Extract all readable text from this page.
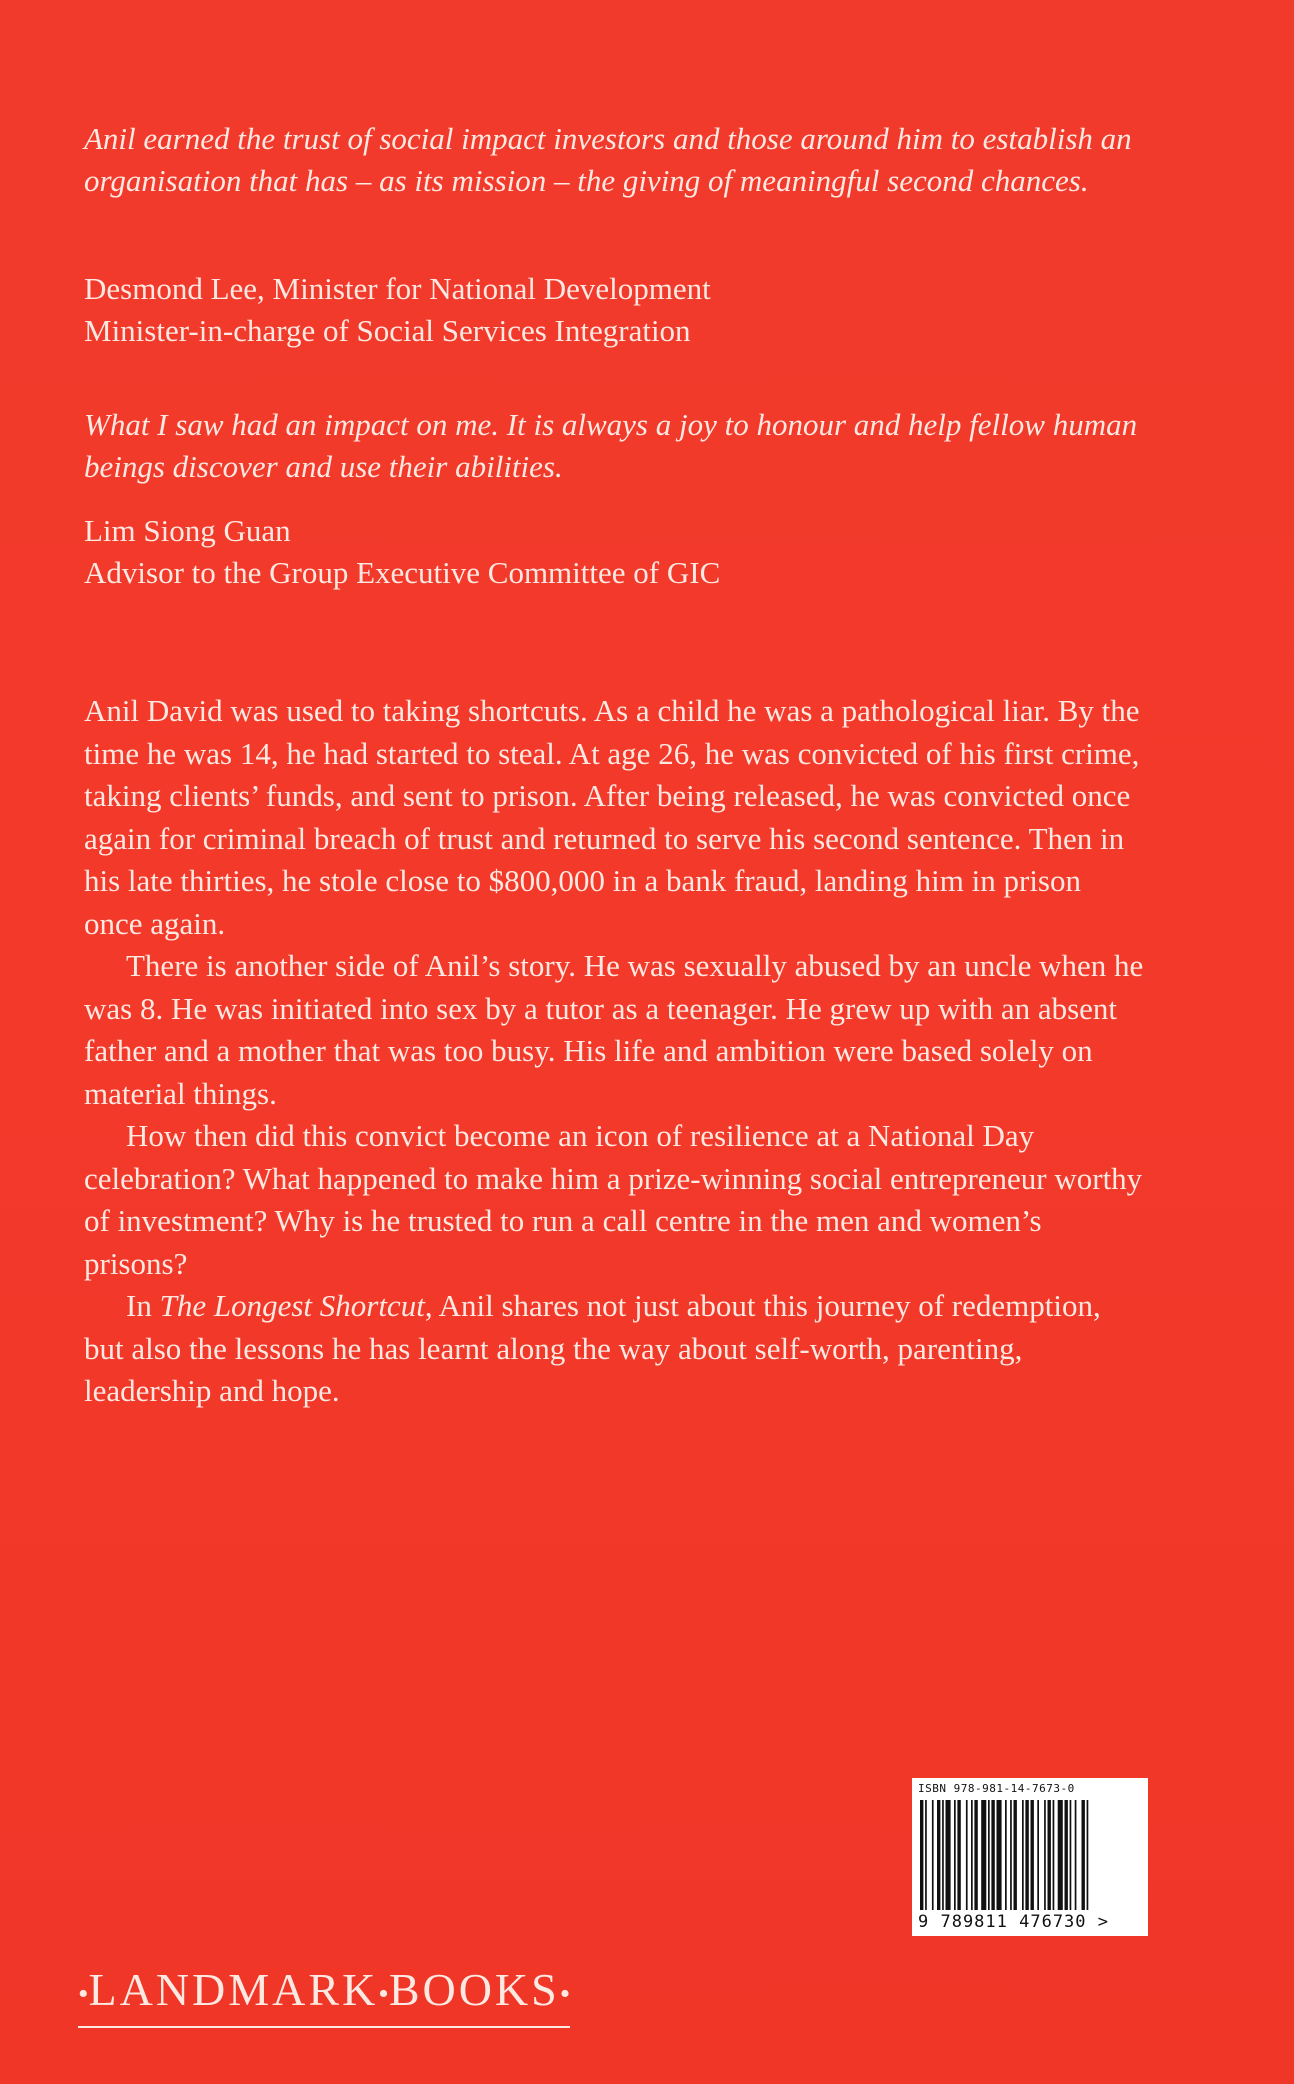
Anil earned the trust of social impact investors and those around him to establish an organisation that has – as its mission – the giving of meaningful second chances.

Desmond Lee, Minister for National Development
Minister-in-charge of Social Services Integration

What I saw had an impact on me. It is always a joy to honour and help fellow human beings discover and use their abilities.

Lim Siong Guan
Advisor to the Group Executive Committee of GIC

Anil David was used to taking shortcuts. As a child he was a pathological liar. By the time he was 14, he had started to steal. At age 26, he was convicted of his first crime, taking clients’ funds, and sent to prison. After being released, he was convicted once again for criminal breach of trust and returned to serve his second sentence. Then in his late thirties, he stole close to $800,000 in a bank fraud, landing him in prison once again.

There is another side of Anil’s story. He was sexually abused by an uncle when he was 8. He was initiated into sex by a tutor as a teenager. He grew up with an absent father and a mother that was too busy. His life and ambition were based solely on material things.

How then did this convict become an icon of resilience at a National Day celebration? What happened to make him a prize-winning social entrepreneur worthy of investment? Why is he trusted to run a call centre in the men and women’s prisons?

In The Longest Shortcut, Anil shares not just about this journey of redemption, but also the lessons he has learnt along the way about self-worth, parenting, leadership and hope.

•LANDMARK•BOOKS•
ISBN 978-981-14-7673-0
9 789811 476730 >
